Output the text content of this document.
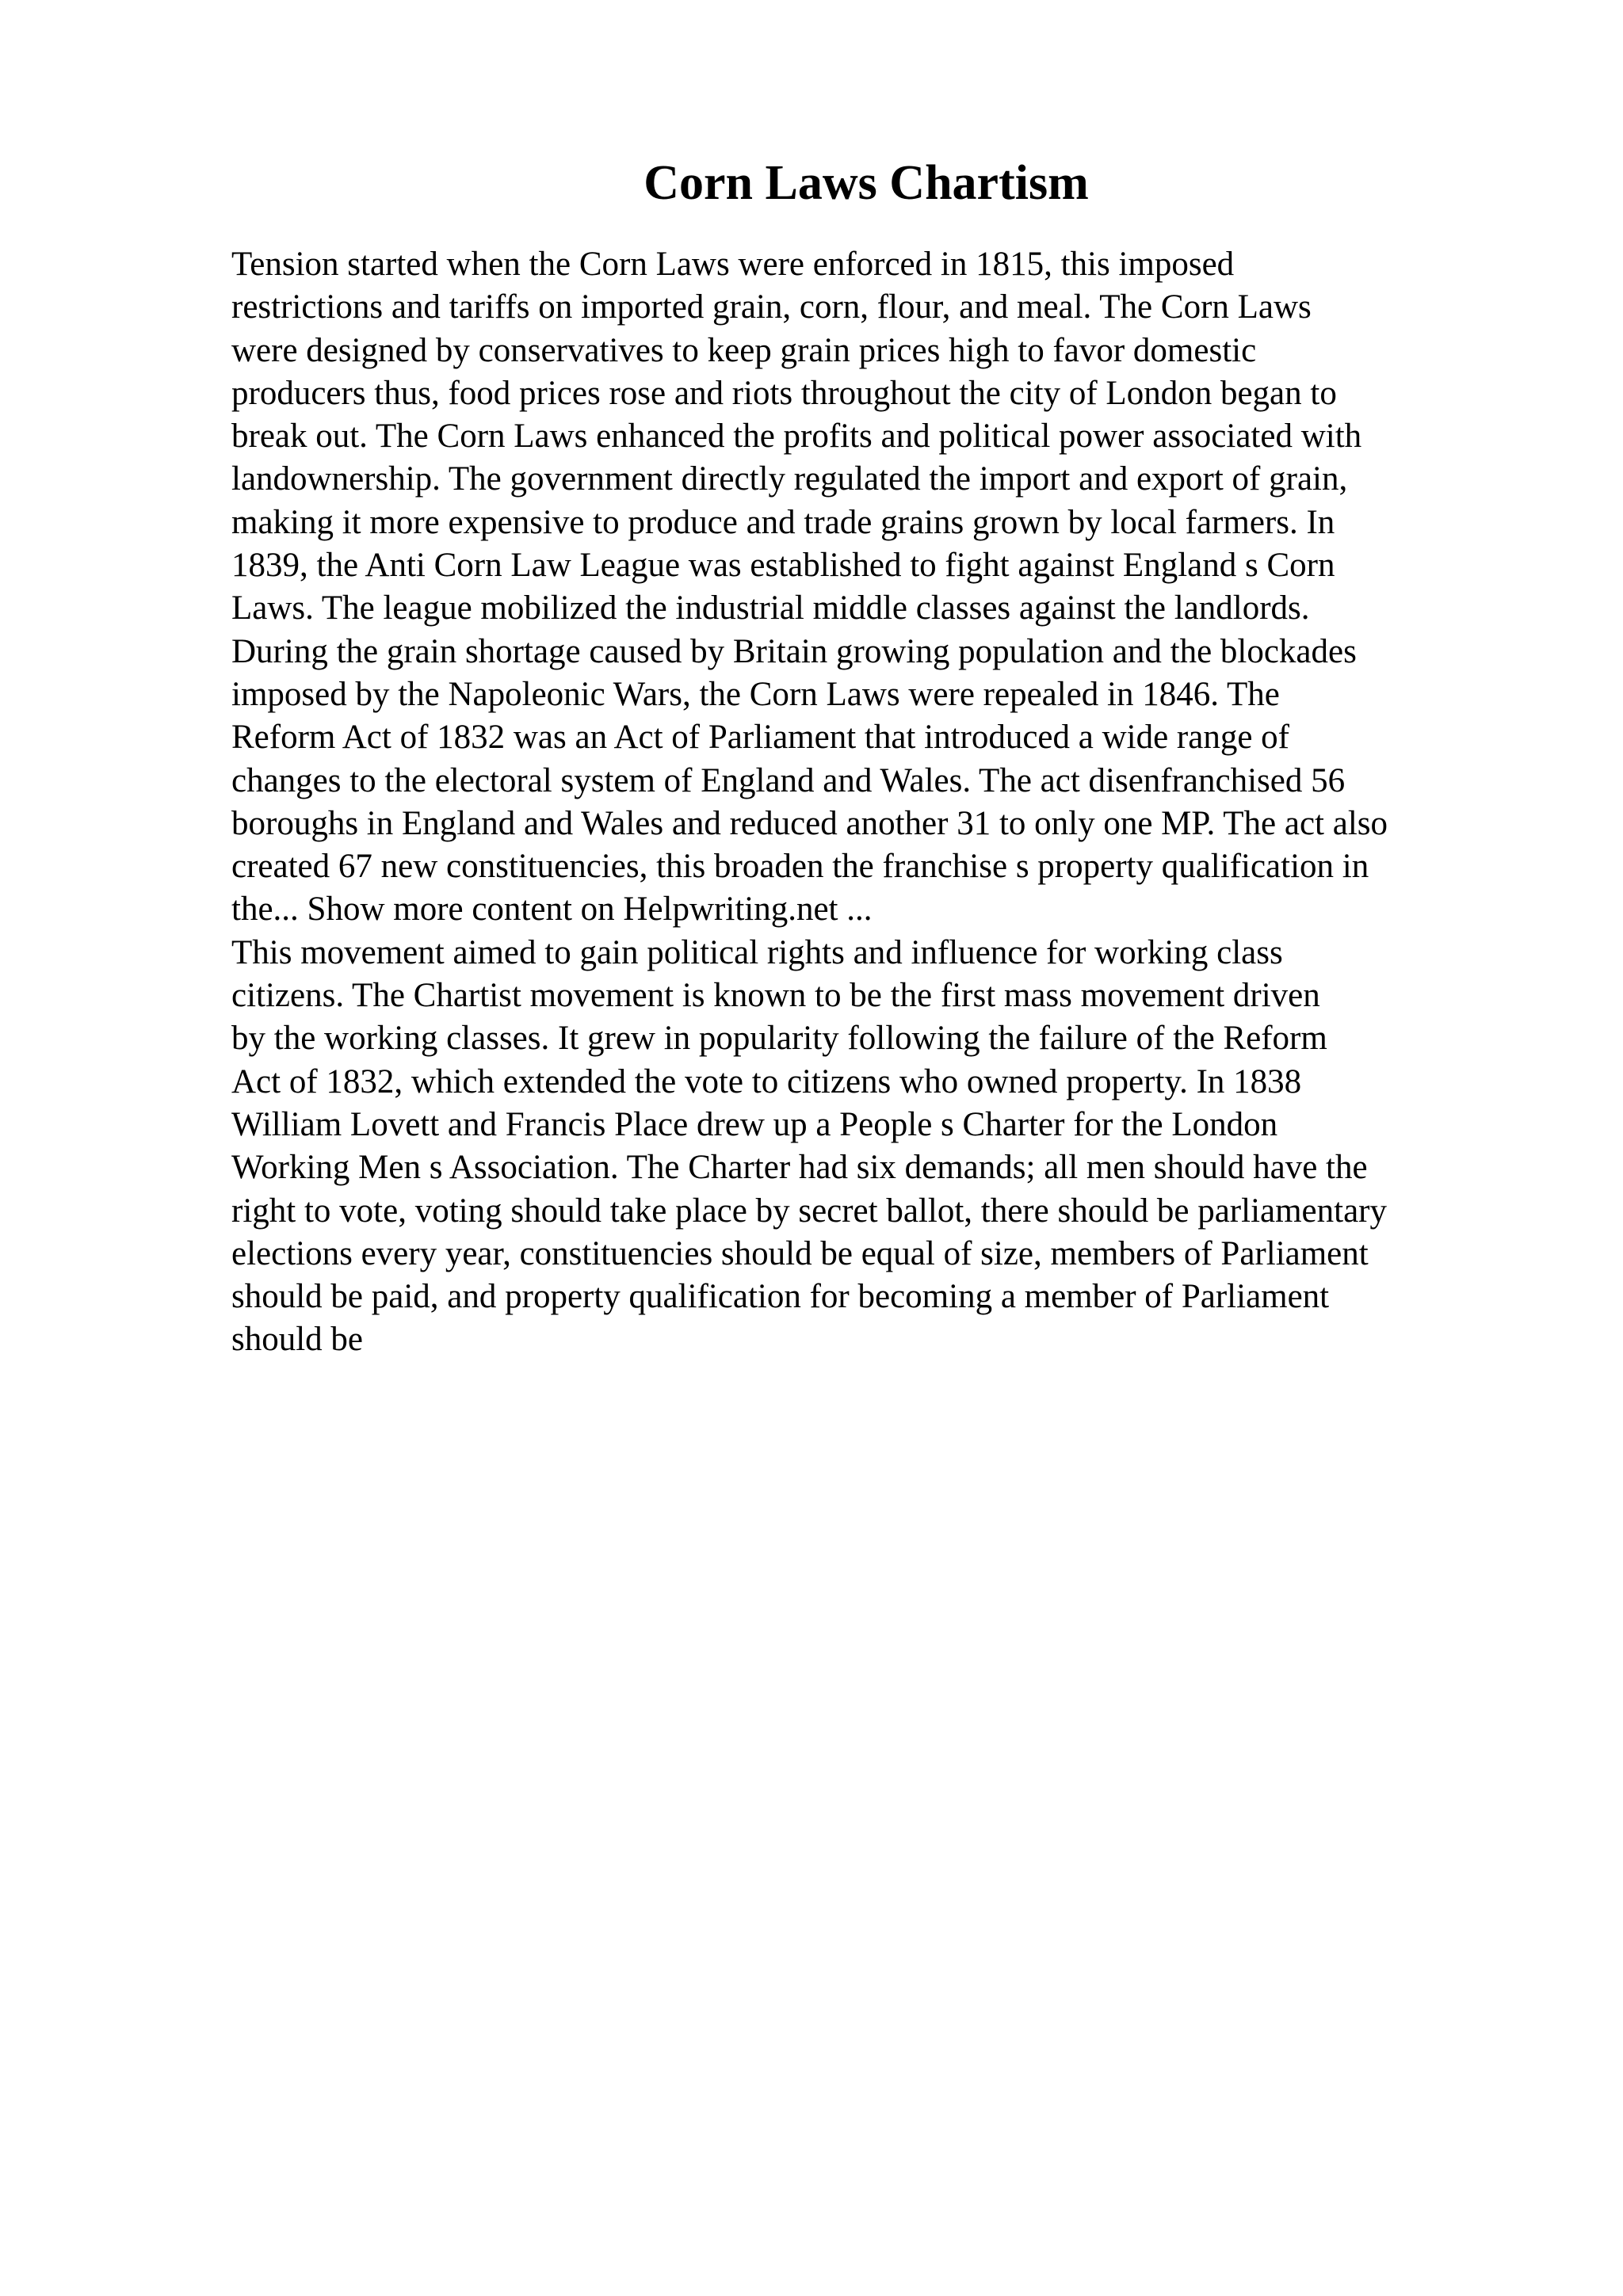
Corn Laws Chartism
Tension started when the Corn Laws were enforced in 1815, this imposed
restrictions and tariffs on imported grain, corn, flour, and meal. The Corn Laws
were designed by conservatives to keep grain prices high to favor domestic
producers thus, food prices rose and riots throughout the city of London began to
break out. The Corn Laws enhanced the profits and political power associated with
landownership. The government directly regulated the import and export of grain,
making it more expensive to produce and trade grains grown by local farmers. In
1839, the Anti Corn Law League was established to fight against England s Corn
Laws. The league mobilized the industrial middle classes against the landlords.
During the grain shortage caused by Britain growing population and the blockades
imposed by the Napoleonic Wars, the Corn Laws were repealed in 1846. The
Reform Act of 1832 was an Act of Parliament that introduced a wide range of
changes to the electoral system of England and Wales. The act disenfranchised 56
boroughs in England and Wales and reduced another 31 to only one MP. The act also
created 67 new constituencies, this broaden the franchise s property qualification in
the... Show more content on Helpwriting.net ...
This movement aimed to gain political rights and influence for working class
citizens. The Chartist movement is known to be the first mass movement driven
by the working classes. It grew in popularity following the failure of the Reform
Act of 1832, which extended the vote to citizens who owned property. In 1838
William Lovett and Francis Place drew up a People s Charter for the London
Working Men s Association. The Charter had six demands; all men should have the
right to vote, voting should take place by secret ballot, there should be parliamentary
elections every year, constituencies should be equal of size, members of Parliament
should be paid, and property qualification for becoming a member of Parliament
should be
